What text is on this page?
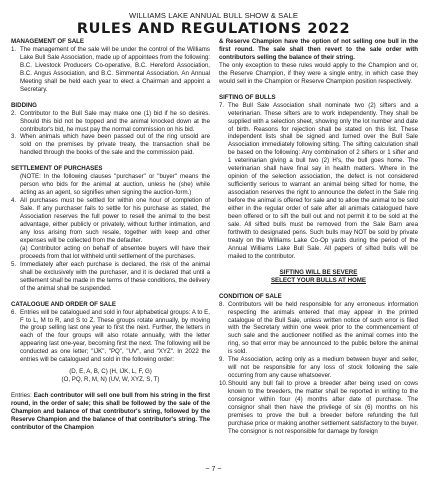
WILLIAMS LAKE ANNUAL BULL SHOW & SALE
RULES AND REGULATIONS 2022

MANAGEMENT OF SALE

1. The management of the sale will be under the control of the Williams Lake Bull Sale Association, made up of appointees from the following: B.C. Livestock Producers Co-operative, B.C. Hereford Association, B.C. Angus Association, and B.C. Simmental Association. An Annual Meeting shall be held each year to elect a Chairman and appoint a Secretary.

BIDDING

2. Contributor to the Bull Sale may make one (1) bid if he so desires. Should this bid not be topped and the animal knocked down at the contributor's bid, he must pay the normal commission on his bid.
3. When animals which have been passed out of the ring unsold are sold on the premises by private treaty, the transaction shall be handled through the books of the sale and the commission paid.

SETTLEMENT OF PURCHASES

(NOTE: In the following clauses "purchaser" or "buyer" means the person who bids for the animal at auction, unless he (she) while acting as an agent, so signifies when signing the auction-form.)
4. All purchases must be settled for within one hour of completion of Sale. If any purchaser fails to settle for his purchase as stated, the Association reserves the full power to resell the animal to the best advantage, either publicly or privately, without further intimation, and any loss arising from such resale, together with keep and other expenses will be collected from the defaulter.
(a) Contributor acting on behalf of absentee buyers will have their proceeds from that lot withheld until settlement of the purchases.
5. Immediately after each purchase is declared, the risk of the animal shall be exclusively with the purchaser, and it is declared that until a settlement shall be made in the terms of these conditions, the delivery of the animal shall be suspended.

CATALOGUE AND ORDER OF SALE

6. Entries will be catalogued and sold in four alphabetical groups: A to E, F to L, M to R, and S to Z. These groups rotate annually, by moving the group selling last one year to first the next. Further, the letters in each of the four groups will also rotate annually, with the letter appearing last one-year, becoming first the next. The following will be conducted as one letter; "IJK", "PQ", "UV", and "XYZ". In 2022 the entries will be catalogued and sold in the following order:

(D, E, A, B, C) (H, IJK, L, F, G)

(O, PQ, R, M, N) (UV, W, XYZ, S, T)

Entries: Each contributor will sell one bull from his string in the first round, in the order of sale; this shall be followed by the sale of the Champion and balance of that contributor's string, followed by the Reserve Champion and the balance of that contributor's string. The contributor of the Champion

& Reserve Champion have the option of not selling one bull in the first round. The sale shall then revert to the sale order with contributors selling the balance of their string.

The only exception to these rules would apply to the Champion and or, the Reserve Champion, if they were a single entry, in which case they would sell in the Champion or Reserve Champion position respectively.

SIFTING OF BULLS

7. The Bull Sale Association shall nominate two (2) sifters and a veterinarian. These sifters are to work independently. They shall be supplied with a selection sheet, showing only the lot number and date of birth. Reasons for rejection shall be stated on this list. These independent lists shall be signed and turned over the Bull Sale Association immediately following sifting. The sifting calculation shall be based on the following: Any combination of 2 sifters or 1 sifter and 1 veterinarian giving a bull two (2) H's, the bull goes home. The veterinarian shall have final say in health matters. Where in the opinion of the selection association, the defect is not considered sufficiently serious to warrant an animal being sifted for home, the association reserves the right to announce the defect in the Sale ring before the animal is offered for sale and to allow the animal to be sold either in the regular order of sale after all animals catalogued have been offered or to sift the bull out and not permit it to be sold at the sale. All sifted bulls must be removed from the Sale Barn area forthwith to designated pens. Such bulls may NOT be sold by private treaty on the Williams Lake Co-Op yards during the period of the Annual Williams Lake Bull Sale. All papers of sifted bulls will be mailed to the contributor.

SIFTING WILL BE SEVERE

SELECT YOUR BULLS AT HOME

CONDITION OF SALE

8. Contributors will be held responsible for any erroneous information respecting the animals entered that may appear in the printed catalogue of the Bull Sale, unless written notice of such error is filed with the Secretary within one week prior to the commencement of such sale and the auctioneer notified as the animal comes into the ring, so that error may be announced to the public before the animal is sold.
9. The Association, acting only as a medium between buyer and seller, will not be responsible for any loss of stock following the sale occurring from any cause whatsoever.
10. Should any bull fail to prove a breeder after being used on cows known to the breeders, the matter shall be reported in writing to the consignor within four (4) months after date of purchase. The consignor shall then have the privilege of six (6) months on his premises to prove the bull a breeder before refunding the full purchase price or making another settlement satisfactory to the buyer. The consignor is not responsible for damage by foreign
~ 7 ~
